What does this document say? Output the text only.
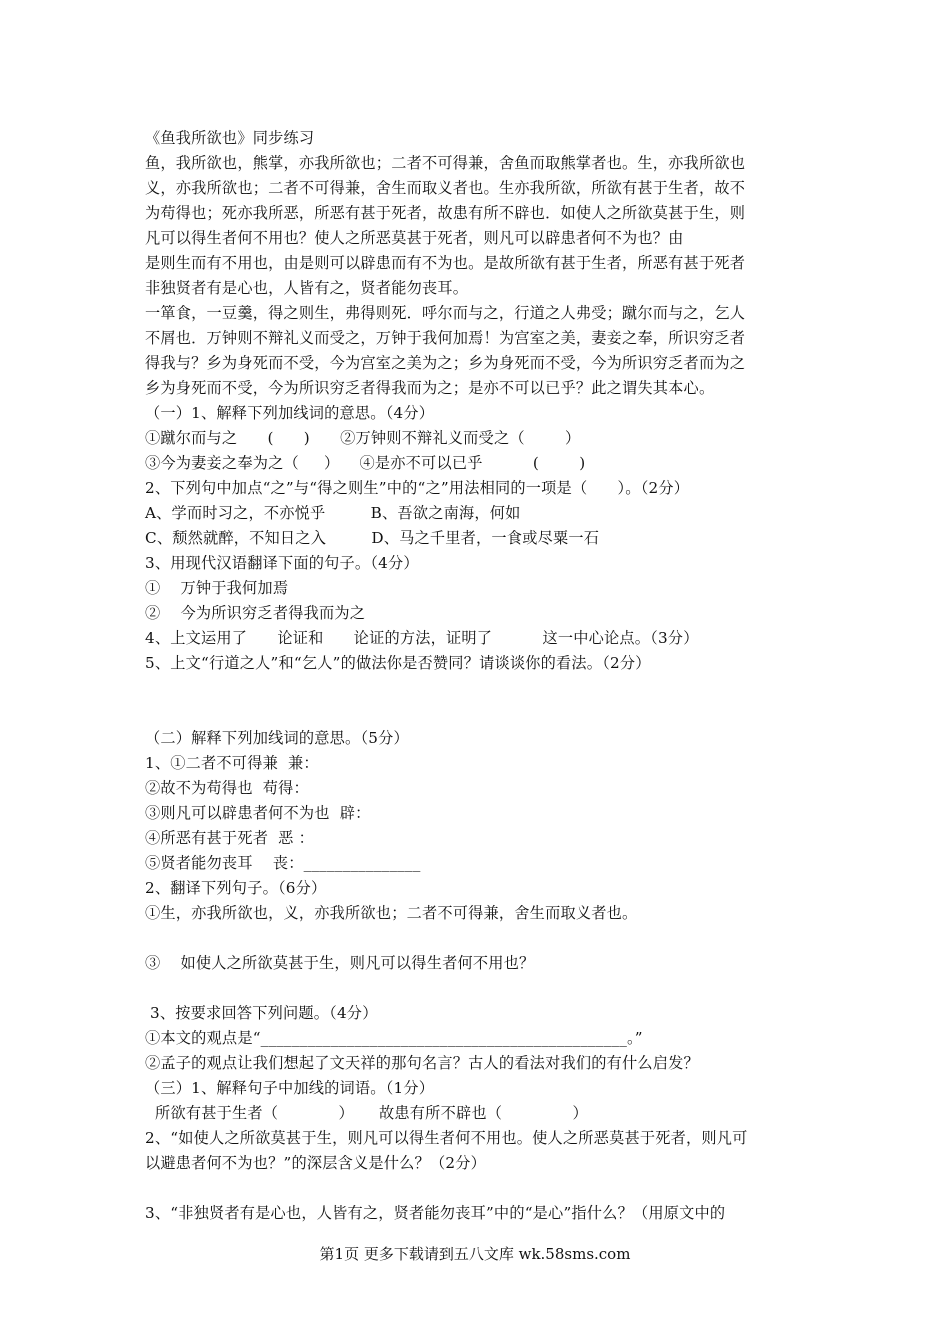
《鱼我所欲也》同步练习
鱼，我所欲也，熊掌，亦我所欲也；二者不可得兼，舍鱼而取熊掌者也。生，亦我所欲也
义，亦我所欲也；二者不可得兼，舍生而取义者也。生亦我所欲，所欲有甚于生者，故不
为苟得也；死亦我所恶，所恶有甚于死者，故患有所不辟也．如使人之所欲莫甚于生，则
凡可以得生者何不用也？使人之所恶莫甚于死者，则凡可以辟患者何不为也？由
是则生而有不用也，由是则可以辟患而有不为也。是故所欲有甚于生者，所恶有甚于死者
非独贤者有是心也，人皆有之，贤者能勿丧耳。
一箪食，一豆羹，得之则生，弗得则死．呼尔而与之，行道之人弗受；蹴尔而与之，乞人
不屑也．万钟则不辩礼义而受之，万钟于我何加焉！为宫室之美，妻妾之奉，所识穷乏者
得我与？乡为身死而不受，今为宫室之美为之；乡为身死而不受，今为所识穷乏者而为之
乡为身死而不受，今为所识穷乏者得我而为之；是亦不可以已乎？此之谓失其本心。
（一）1、解释下列加线词的意思。（4分）
①蹴尔而与之      (      )      ②万钟则不辩礼义而受之（        ）
③今为妻妾之奉为之（     ）    ④是亦不可以已乎          (        )
2、下列句中加点“之”与“得之则生”中的“之”用法相同的一项是（      ）。（2分）
A、学而时习之，不亦悦乎         B、吾欲之南海，何如
C、颓然就醉，不知日之入         D、马之千里者，一食或尽粟一石
3、用现代汉语翻译下面的句子。（4分）
①    万钟于我何加焉
②    今为所识穷乏者得我而为之
4、上文运用了      论证和      论证的方法，证明了          这一中心论点。（3分）
5、上文“行道之人”和“乞人”的做法你是否赞同？请谈谈你的看法。（2分）
（二）解释下列加线词的意思。（5分）
1、①二者不可得兼  兼：
②故不为苟得也  苟得：
③则凡可以辟患者何不为也  辟：
④所恶有甚于死者  恶 ：
⑤贤者能勿丧耳    丧：_______________
2、翻译下列句子。（6分）
①生，亦我所欲也，义，亦我所欲也；二者不可得兼，舍生而取义者也。
③    如使人之所欲莫甚于生，则凡可以得生者何不用也？
3、按要求回答下列问题。（4分）
①本文的观点是“_______________________________________________。”
②孟子的观点让我们想起了文天祥的那句名言？古人的看法对我们的有什么启发？
（三）1、解释句子中加线的词语。（1分）
所欲有甚于生者（            ）     故患有所不辟也（              ）
2、“如使人之所欲莫甚于生，则凡可以得生者何不用也。使人之所恶莫甚于死者，则凡可
以避患者何不为也？”的深层含义是什么？（2分）
3、“非独贤者有是心也，人皆有之，贤者能勿丧耳”中的“是心”指什么？（用原文中的
第1页 更多下载请到五八文库 wk.58sms.com
